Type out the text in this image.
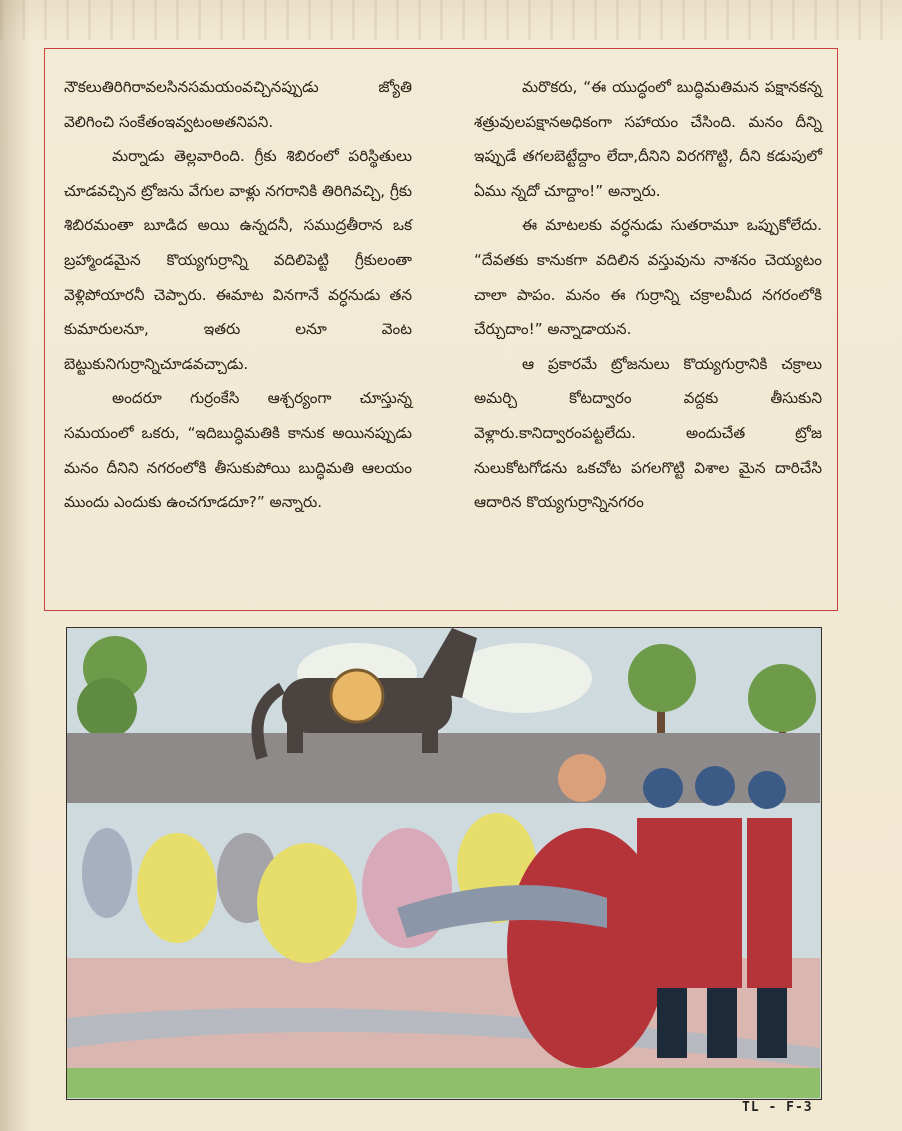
నౌకలుతిరిగిరావలసినసమయంవచ్చినప్పుడు జ్యోతి వెలిగించి సంకేతంఇవ్వటంఅతనిపని.

మర్నాడు తెల్లవారింది. గ్రీకు శిబిరంలో పరిస్థితులు చూడవచ్చిన ట్రోజను వేగుల వాళ్లు నగరానికి తిరిగివచ్చి, గ్రీకు శిబిరమంతా బూడిద అయి ఉన్నదనీ, సముద్రతీరాన ఒక బ్రహ్మాండమైన కొయ్యగుర్రాన్ని వదిలిపెట్టి గ్రీకులంతా వెళ్లిపోయారనీ చెప్పారు. ఈమాట వినగానే వర్ధనుడు తన కుమారులనూ, ఇతరు లనూ వెంట బెట్టుకునిగుర్రాన్నిచూడవచ్చాడు.

అందరూ గుర్రంకేసి ఆశ్చర్యంగా చూస్తున్న సమయంలో ఒకరు, “ఇదిబుద్ధిమతికి కానుక అయినప్పుడు మనం దీనిని నగరంలోకి తీసుకుపోయి బుద్ధిమతి ఆలయం ముందు ఎందుకు ఉంచగూడదూ?” అన్నారు.

మరొకరు, “ఈ యుద్ధంలో బుద్ధిమతిమన పక్షానకన్న శత్రువులపక్షానఅధికంగా సహాయం చేసింది. మనం దీన్ని ఇప్పుడే తగలబెట్టేద్దాం లేదా,దీనిని విరగగొట్టి, దీని కడుపులో ఏము న్నదో చూద్దాం!” అన్నారు.

ఈ మాటలకు వర్ధనుడు సుతరామూ ఒప్పుకోలేదు. “దేవతకు కానుకగా వదిలిన వస్తువును నాశనం చెయ్యటం చాలా పాపం. మనం ఈ గుర్రాన్ని చక్రాలమీద నగరంలోకి చేర్చుదాం!” అన్నాడాయన.

ఆ ప్రకారమే ట్రోజనులు కొయ్యగుర్రానికి చక్రాలు అమర్చి కోటద్వారం వద్దకు తీసుకుని వెళ్లారు.కానిద్వారంపట్టలేదు. అందుచేత ట్రోజ నులుకోటగోడను ఒకచోట పగలగొట్టి విశాల మైన దారిచేసి ఆదారిన కొయ్యగుర్రాన్నినగరం

TL - F-3
